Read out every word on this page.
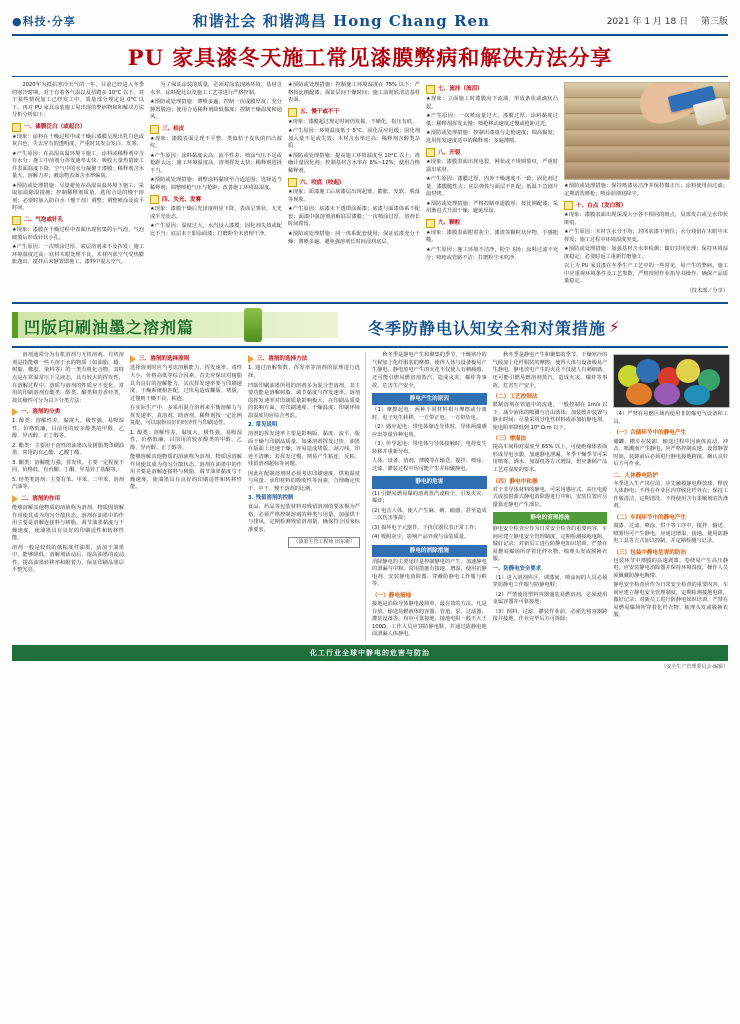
●科技·分享	和谐社会 和谐鸿昌 Hong Chang Ren	2021 年 1 月 18 日 第三版
PU 家具漆冬天施工常见漆膜弊病和解决方法分享

2020年为抵抗寒冷天气的一年，目前已经进入冬季的寒冷时期，对于有着各气温以及招聘多 10°C 以下，对于某些情况加工已经发工中、质量部分规定是 0°C 以下。再对 PU 家具涂装施工易出现的弊病物和和解决方法分析分析如下：

一、漆膜泛白（或起白）

★现象：涂料在干燥过程中或干燥后漆膜呈现出乳白色或灰白色，失去应有的透明度，严重时其发会发白、发雾。

★产生原因：在高湿高温环境下施工，涂料或稀释剂中含有水分；施工中溶剂分挥发速率太快，吸收大量热量使工件表面温度下降，空气中的水分凝聚于漆膜；稀释剂含水量大，溶解力差；被涂物表面含水率偏高。

★预防或处理措施：尽量避免在高湿高温环境下施工；采取加温除湿措施；控制稀释剂质量，选用合适的慢干溶剂；必要时加入防白水（慢干剂）调整；调整喷涂及流平时间。

二、气泡或针孔

★现象：漆膜在干燥过程中表面出现密集的小气泡，气泡破裂后形成针状小孔。

★产生原因：一次喷涂过厚，底层溶剂来不及挥发；施工环境温度过高；底材木眼处理不良，木材内部空气受热膨胀逸出；搅拌后未静置即施工，漆料中混入空气。

为了保证涂装的质量，必须对涂装现场环境、基材含水率、涂料配比以及施工工艺等进行严格控制。

★预防或处理措施：薄喷多遍，控制一次成膜厚度；充分静置脱泡；使用合适稀释剂降低黏度；控制干燥温度和通风。

三、桔皮

★现象：漆膜表面呈现不平整、类似桔子皮状的凹凸波纹。

★产生原因：涂料黏度太高，流平性差；喷涂气压不足或枪距太远；施工环境温度高，溶剂挥发太快；稀释剂选择不当。

★预防或处理措施：调整涂料黏度至合适范围；选择适当稀释剂；调整喷枪气压与枪距；改善施工环境温湿度。

四、失光、发雾

★现象：漆膜干燥后光泽度明显下降，表面呈雾状、无光或半光状态。

★产生原因：湿度过大，水汽侵入漆膜；固化剂失效或配比不当；底层未干即涂面漆；打磨粉尘未清理干净。

★预防或处理措施：控制施工环境湿度在 75% 以下；严格按比例配漆；保证层间干燥时间；施工前彻底清洁基材表面。

五、慢干或不干

★现象：漆膜超过规定时间仍发黏、不硬化，指压有痕。

★产生原因：环境温度低于 5°C，固化反应迟缓；固化剂加入量不足或失效；木材含水率过高；稀释剂含醇类杂质。

★预防或处理措施：提高施工环境温度至 10°C 以上；准确计量固化剂；控制基材含水率在 8%~12%；使用合格稀释剂。

六、咬底（咬起）

★现象：面漆施工后底漆层出现起皱、膨胀、发软、脱落等现象。

★产生原因：底漆未干透即涂面漆；底漆与面漆体系不配套；面漆中强溶剂溶解底层漆膜；一次喷涂过厚，溶剂长时间滞留。

★预防或处理措施：同一体系配套使用；保证底漆充分干燥；薄喷多遍，避免强溶剂长时间浸润底层。

七、流挂（流泪）

★现象：立面施工时漆膜向下流淌，形成条状或滴状凸起。

★产生原因：一次喷涂量过大，漆膜过厚；涂料黏度过低；稀释剂挥发太慢；喷枪移动速度过慢或枪距过近。

★预防或处理措施：控制出漆量与走枪速度；调高黏度；选用挥发速度适中的稀释剂；多遍薄喷。

八、开裂

★现象：漆膜表面出现龟裂、网状或不规则裂纹，严重时露出底材。

★产生原因：漆膜过厚，内外干燥速度不一致；固化剂过量，漆膜脆性大；底层弹性与面层不匹配；低温下急剧升温烘烤。

★预防或处理措施：严格控制单道膜厚；按比例配漆；采用渐进式升温干燥；避免厚涂。

九、颗粒

★现象：漆膜表面附着灰尘、漆渣等颗粒状异物，手感粗糙。

★产生原因：施工环境不洁净，粉尘飞扬；涂料过滤不充分；喷枪或管路不洁；打磨粉尘未吹净。

★预防或处理措施：保持喷漆房洁净并保持微正压；涂料使用前过滤；定期清洗喷枪；喷涂前彻底除尘。

十、白点（发白斑）

★现象：漆膜表面出现深浅大小各不相同的斑点，局部发白或呈水印状斑痕。

★产生原因：木材含水分不均；封闭底漆不到位；水分残留在木眼中未挥发；施工过程中环境湿度突变。

★预防或处理措施：加强基材含水率检测；做好封闭处理；保持环境湿度稳定；必要时返工重新打磨施工。

以上为 PU 家具漆在冬季生产工艺中的一些常见、易产生的弊病。施工中应重视环境条件及工艺参数，严格按照作业指导书操作，确保产品质量稳定。

（技术部／分享）

凹版印刷油墨之溶剂篇	冬季防静电认知安全和对策措施 ⚡

溶剂通常分为有机溶剂与无机溶剂。有机溶剂是指能够一些不溶于水的物质（如油脂、蜡、树脂、橡胶、染料等）的一类有机化合物，其特点是在常温常压下呈液态，具有较大的挥发性，在溶解过程中，溶质与溶剂的性质应不变化。常用的印刷溶剂有酯类、醇类、酮类和芳香烃类，按其极性可分为以下分类方法：

一、溶剂的分类

1. 醇类：溶解性差，黏度大，极性强，易吸湿性，价格低廉，目前用的较多醇类的甲醇、乙醇、异丙醇、正丁醇等。

2. 酯类：主要用于溶性的油墨以及树脂类印刷油墨，常用的有乙酯、乙酸丁酯。

3. 酮类：溶解能力强，挥发快，主要一定程度不同，价格低，有丙酮、丁酮、甲基异丁基酮等。

5. 烃类类溶剂：主要有苯、甲苯、二甲苯、溶剂汽油等。

二、溶剂的作用

能够溶解其他物质的溶液称为溶剂，物质因溶解作用使其成为均匀分散状态。溶剂在油墨中的作用主要是溶解连接料与树脂，调节油墨黏度与干燥速度，使油墨具有良好的印刷适性和转移性能。

溶剂一般是较低的低粘度性油墨，活加于油墨中，能够降低、溶解剂活动后，提高油墨的流动性，提高油墨转移率和附着力，保证印刷品墨层平整光亮。

三、溶剂的选择原则

选择溶剂时应当考虑溶解能力、挥发速率、毒性大小、价格高低等综合因素。首先应保证对树脂具有良好的溶解能力，其次挥发速率要与印刷速度、干燥系统相匹配，过快易造成糊版、堵版，过慢则干燥不良、粘连。

在实际生产中，多采用混合溶剂来平衡溶解力与挥发速率，真溶剂、助溶剂、稀释剂按一定比例复配，可以取得良好的经济性与印刷适性。

1. 醇类：溶解性差，黏度大，极性强，易吸湿性，价格低廉，目前用的较多醇类的甲醇、乙醇、异丙醇、正丁醇等。

能够溶解其他物质的溶液称为溶剂，物质因溶解作用使其成为均匀分散状态。溶剂在油墨中的作用主要是溶解连接料与树脂，调节油墨黏度与干燥速度，使油墨具有良好的印刷适性和转移性能。

三、溶剂的选择方法

1. 通过溶解参数、挥发率等溶剂的原理进行选择。

凹版印刷油墨所用的溶剂多为混合型溶剂，其主要功能是溶解树脂、调节黏度与挥发速率。溶剂的挥发速率对印刷质量影响极大，在印刷品质量的影响方面，对印刷速度、干燥温度、印刷环境温湿度均应综合考虑。

2. 常见说明

溶剂的挥发速率主要是影响版、黏度、流平、版面干燥与印刷品质量。如果溶剂挥发过快，油墨在版面上迅速干燥，容易造成堵版、刮刀线、印迹不清晰；若挥发过慢，则易产生粘连、反粘、残留溶剂超标等问题。

因此在配制溶剂时必须考虑印刷速度、烘箱温度与风量、承印材料的吸收性等因素，合理确定快干、中干、慢干溶剂的比例。

3. 残留溶剂的控制

食品、药品等包装材料对残留溶剂的要求极为严格，必须严格控制溶剂的种类与用量，加强烘干与排风，定期检测残留溶剂量，确保符合国家标准要求。

（油墨主管工程师 田东新）

秋冬季是静电产生和聚集的季节，干燥寒冷的气候加上化纤服装的摩擦，使得人体与设备极易产生静电。静电放电产生的火花不仅使人有刺痛感，还可能引燃易燃溶剂蒸汽，造成火灾、爆炸等事故，危害生产安全。

静电产生的原因

（1）摩擦起电：两种不同材料相互摩擦或分离时，电子发生转移，一方带正电，一方带负电。

（2）感应起电：带电体靠近导体时，导体两端感应出等量异种电荷。

（3）传导起电：带电体与导体接触时，电荷发生转移并重新分布。

人体、设备、溶剂、薄膜等在输送、搅拌、喷涂、过滤、灌装过程中均可能产生并积聚静电。

静电的危害

(1) 引燃易燃易爆的溶剂蒸汽或粉尘，引发火灾、爆炸；

(2) 电击人体，使人产生麻、刺、痛感，甚至造成二次伤害事故；

(3) 损坏电子元器件，干扰仪器仪表正常工作；

(4) 吸附灰尘，影响产品外观与涂装质量。

静电的消除措施

消除静电的主要途径是控制静电的产生、加速静电的泄漏与中和。常用措施有接地、增湿、使用抗静电剂、安装静电消除器、穿戴防静电工作服与鞋等。

（一）静电接地

接地是消除导体静电最简单、最有效的方法。凡是存放、输送易燃液体的容器、管道、泵、过滤器、灌装设备等，均应可靠接地，接地电阻一般不大于 100Ω。工作人员应穿防静电鞋，并通过防静电地面泄漏人体静电。

秋冬季是静电产生和聚集的季节，干燥寒冷的气候加上化纤服装的摩擦，使得人体与设备极易产生静电。静电放电产生的火花不仅使人有刺痛感，还可能引燃易燃溶剂蒸汽，造成火灾、爆炸等事故，危害生产安全。

（二）工艺控制法

限制溶剂在管道中的流速，一般控制在 1m/s 以下；减少液体的喷溅与自由落体；加装缓冲装置与静止时间；尽量采用导电性材料或添加抗静电剂，使电阻率降低到 10⁶ Ω·m 以下。

（三）增湿法

提高车间相对湿度至 65% 以上，可使绝缘体表面形成导电水膜，加速静电泄漏。冬季干燥季节可采用喷雾、洒水、加湿机等方式增湿，但应兼顾产品工艺对湿度的要求。

（四）静电中和器

对于非导体材料的静电，可采用感应式、高压电源式或放射源式静电消除器进行中和，安装位置应尽量靠近静电产生部位。

静电的管理措施

静电安全检查应作为日常安全检查的重要内容，车间应建立静电安全管理制度，定期检测接地电阻，做好记录；对新员工进行防静电知识培训，严禁在易燃易爆场所穿着化纤衣物、梳理头发或脱换衣服。

一、防静电安全要求

（1）进入溶剂库区、调漆间、喷涂间的人员必须穿防静电工作服与防静电鞋；

（2）严禁使用塑料容器盛装易燃溶剂，必须使用金属容器并可靠接地；

（3）倒料、过滤、灌装作业前，必须先将容器跨接并接地，作业完毕后方可拆除；

（4）严禁在易燃区域内使用非防爆电气设备和工具。

（一）合储环节中的静电产生

储罐、槽车在装卸、输送过程中因液体流动、冲击、喷溅而产生静电，应严格控制流速，设置静置时间，装卸前后必须进行静电接地跨接，确认良好后方可作业。

二、人体静电防护

冬季进入生产岗位前，应先触摸静电释放球，释放人体静电；不得在作业区内穿脱化纤外衣；保持工作服清洁，定期清洗，不得使用含有柔顺剂的洗涤剂。

（二）车间环节中的静电产生

调漆、过滤、喷涂、烘干等工序中，搅拌、输送、喷雾均可产生静电，应通过增湿、接地、使用防静电工具等方式加以控制，并定期检测与记录。

（三）包装中静电危害的防治

包装环节中薄膜的高速剥离、卷绕易产生高压静电，应安装静电消除器并保持环境湿度，操作人员须佩戴防静电腕带。

静电安全检查应作为日常安全检查的重要内容，车间应建立静电安全管理制度，定期检测接地电阻，做好记录；对新员工进行防静电知识培训，严禁在易燃易爆场所穿着化纤衣物、梳理头发或脱换衣服。

化工行业全球中静电的危害与防治
（安全生产管理委员会·编辑）
